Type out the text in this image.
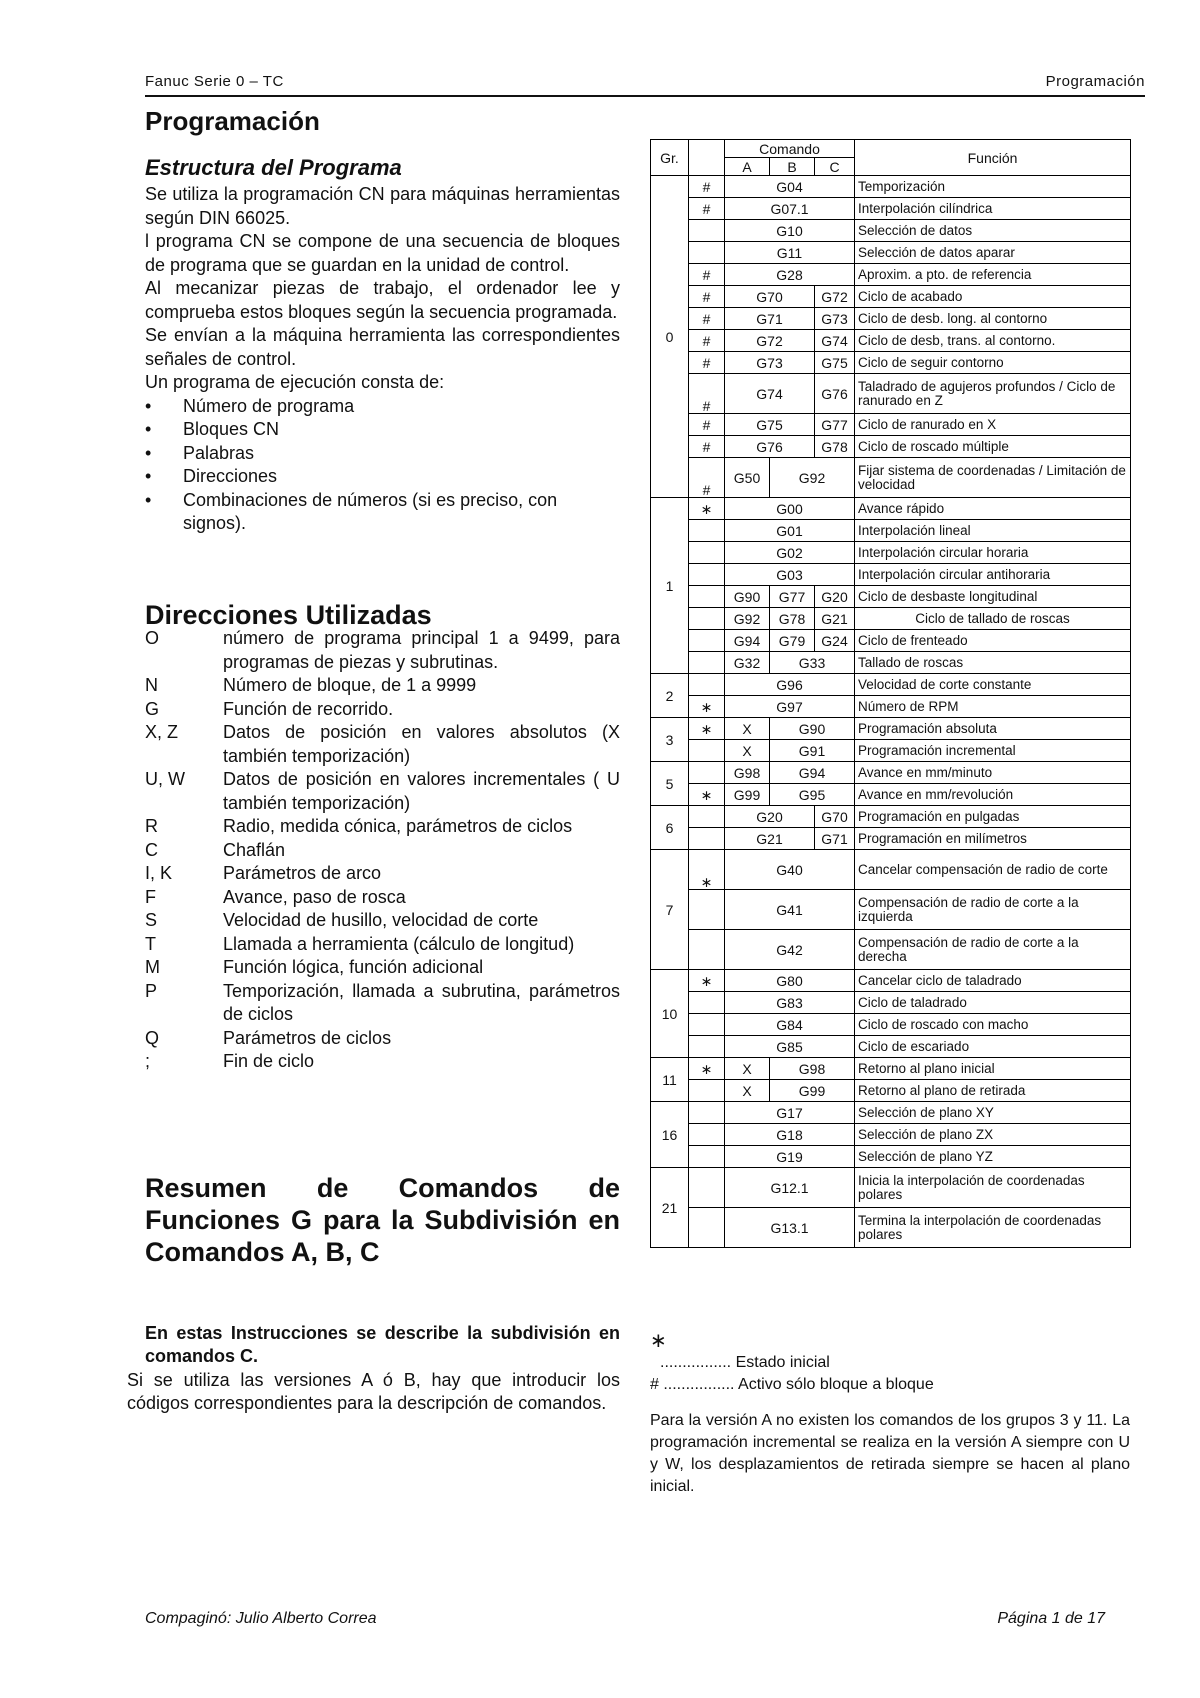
Fanuc Serie 0 – TC	Programación
Programación
Estructura del Programa

Se utiliza la programación CN para máquinas herramientas según DIN 66025.

l programa CN se compone de una secuencia de bloques de programa que se guardan en la unidad de control.

Al mecanizar piezas de trabajo, el ordenador lee y comprueba estos bloques según la secuencia programada.

Se envían a la máquina herramienta las correspondientes señales de control.

Un programa de ejecución consta de:

• Número de programa
• Bloques CN
• Palabras
• Direcciones
• Combinaciones de números (si es preciso, con signos).

Direcciones Utilizadas

O	número de programa principal 1 a 9499, para programas de piezas y subrutinas.
N	Número de bloque, de 1 a 9999
G	Función de recorrido.
X, Z	Datos de posición en valores absolutos (X también temporización)
U, W	Datos de posición en valores incrementales ( U también temporización)
R	Radio, medida cónica, parámetros de ciclos
C	Chaflán
I, K	Parámetros de arco
F	Avance, paso de rosca
S	Velocidad de husillo, velocidad de corte
T	Llamada a herramienta (cálculo de longitud)
M	Función lógica, función adicional
P	Temporización, llamada a subrutina, parámetros de ciclos
Q	Parámetros de ciclos
;	Fin de ciclo

Resumen de Comandos de Funciones G para la Subdivisión en Comandos A, B, C

En estas Instrucciones se describe la subdivisión en comandos C.

Si se utiliza las versiones A ó B, hay que introducir los códigos correspondientes para la descripción de comandos.

Gr.		Comando			Función
		A	B	C	
0	#	G04			Temporización
	#	G07.1			Interpolación cilíndrica
		G10			Selección de datos
		G11			Selección de datos aparar
	#	G28			Aproxim. a pto. de referencia
	#	G70		G72	Ciclo de acabado
	#	G71		G73	Ciclo de desb. long. al contorno
	#	G72		G74	Ciclo de desb, trans. al contorno.
	#	G73		G75	Ciclo de seguir contorno
	#	G74		G76	Taladrado de agujeros profundos / Ciclo de ranurado en Z
	#	G75		G77	Ciclo de ranurado en X
	#	G76		G78	Ciclo de roscado múltiple
	#	G50	G92		Fijar sistema de coordenadas / Limitación de velocidad
1	∗	G00			Avance rápido
		G01			Interpolación lineal
		G02			Interpolación circular horaria
		G03			Interpolación circular antihoraria
		G90	G77	G20	Ciclo de desbaste longitudinal
		G92	G78	G21	Ciclo de tallado de roscas
		G94	G79	G24	Ciclo de frenteado
		G32	G33		Tallado de roscas
2		G96			Velocidad de corte constante
	∗	G97			Número de RPM
3	∗	X	G90		Programación absoluta
		X	G91		Programación incremental
5		G98	G94		Avance en mm/minuto
	∗	G99	G95		Avance en mm/revolución
6		G20		G70	Programación en pulgadas
		G21		G71	Programación en milímetros
7	∗	G40			Cancelar compensación de radio de corte
		G41			Compensación de radio de corte a la izquierda
		G42			Compensación de radio de corte a la derecha
10	∗	G80			Cancelar ciclo de taladrado
		G83			Ciclo de taladrado
		G84			Ciclo de roscado con macho
		G85			Ciclo de escariado
11	∗	X	G98		Retorno al plano inicial
		X	G99		Retorno al plano de retirada
16		G17			Selección de plano XY
		G18			Selección de plano ZX
		G19			Selección de plano YZ
21		G12.1			Inicia la interpolación de coordenadas polares
		G13.1			Termina la interpolación de coordenadas polares
∗
................ Estado inicial
# ................ Activo sólo bloque a bloque

Para la versión A no existen los comandos de los grupos 3 y 11. La programación incremental se realiza en la versión A siempre con U y W, los desplazamientos de retirada siempre se hacen al plano inicial.

Compaginó: Julio Alberto Correa	Página 1 de 17
